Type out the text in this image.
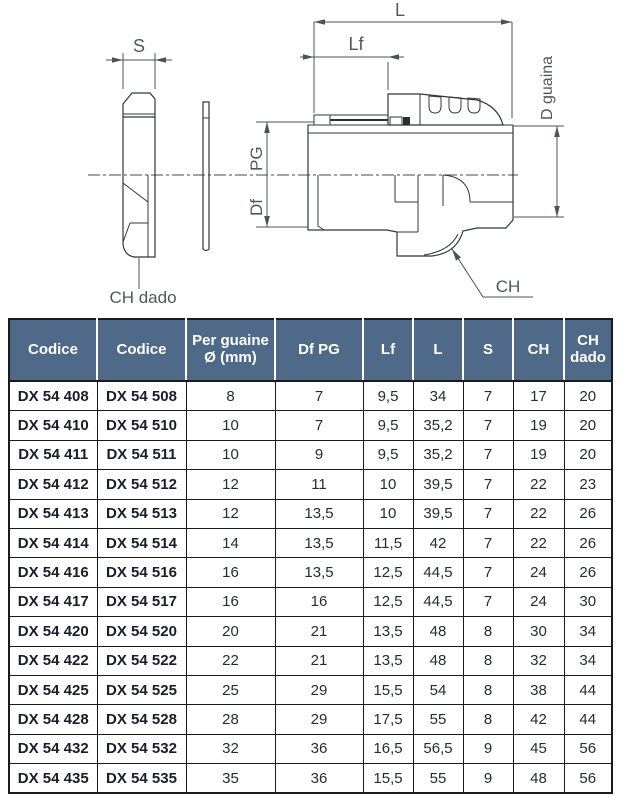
S
CH dado
L
Lf
PG
Df
D guaina
CH
Codice	Codice	Per guaine Ø (mm)	Df PG	Lf	L	S	CH	CH dado
DX 54 408	DX 54 508	8	7	9,5	34	7	17	20
DX 54 410	DX 54 510	10	7	9,5	35,2	7	19	20
DX 54 411	DX 54 511	10	9	9,5	35,2	7	19	20
DX 54 412	DX 54 512	12	11	10	39,5	7	22	23
DX 54 413	DX 54 513	12	13,5	10	39,5	7	22	26
DX 54 414	DX 54 514	14	13,5	11,5	42	7	22	26
DX 54 416	DX 54 516	16	13,5	12,5	44,5	7	24	26
DX 54 417	DX 54 517	16	16	12,5	44,5	7	24	30
DX 54 420	DX 54 520	20	21	13,5	48	8	30	34
DX 54 422	DX 54 522	22	21	13,5	48	8	32	34
DX 54 425	DX 54 525	25	29	15,5	54	8	38	44
DX 54 428	DX 54 528	28	29	17,5	55	8	42	44
DX 54 432	DX 54 532	32	36	16,5	56,5	9	45	56
DX 54 435	DX 54 535	35	36	15,5	55	9	48	56
